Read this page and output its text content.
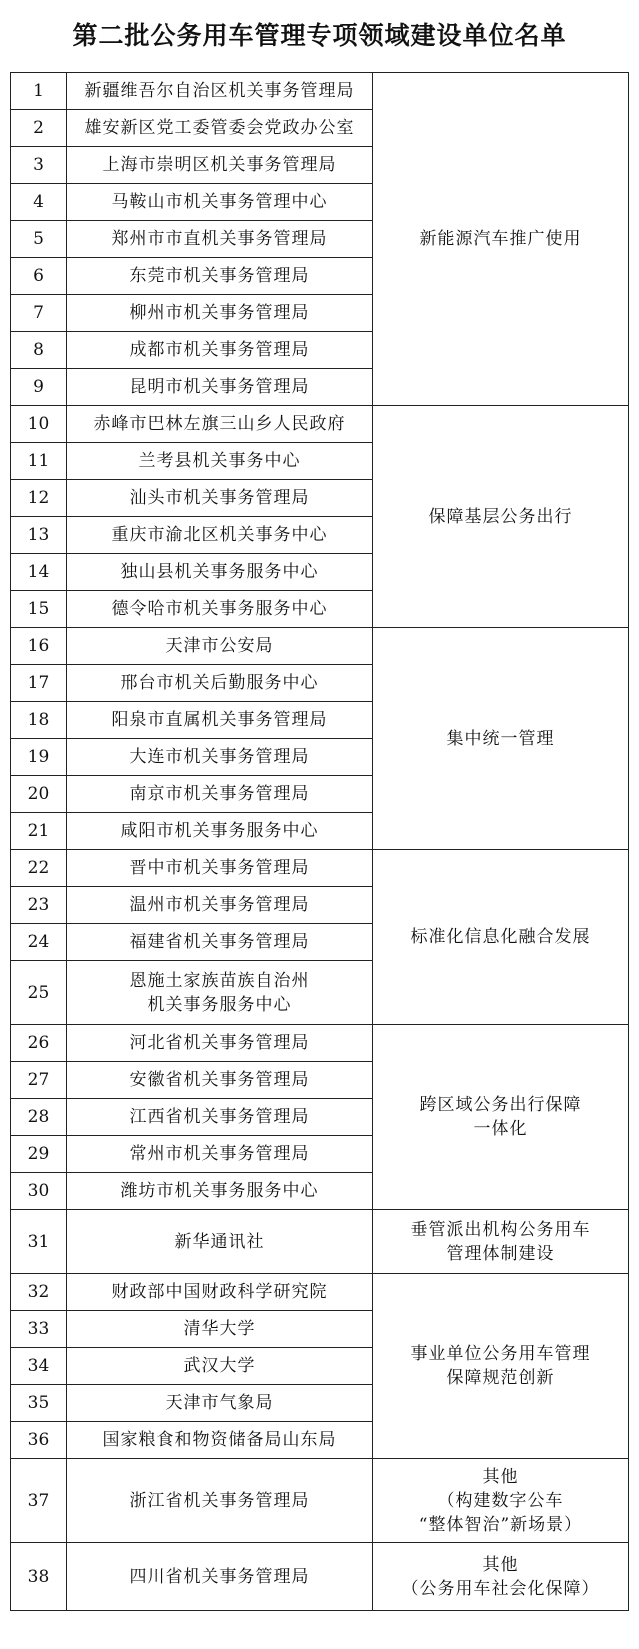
第二批公务用车管理专项领域建设单位名单
1	新疆维吾尔自治区机关事务管理局	新能源汽车推广使用

2	雄安新区党工委管委会党政办公室	

3	上海市崇明区机关事务管理局	

4	马鞍山市机关事务管理中心	

5	郑州市市直机关事务管理局	

6	东莞市机关事务管理局	

7	柳州市机关事务管理局	

8	成都市机关事务管理局	

9	昆明市机关事务管理局	

10	赤峰市巴林左旗三山乡人民政府	保障基层公务出行

11	兰考县机关事务中心	

12	汕头市机关事务管理局	

13	重庆市渝北区机关事务中心	

14	独山县机关事务服务中心	

15	德令哈市机关事务服务中心	

16	天津市公安局	集中统一管理

17	邢台市机关后勤服务中心	

18	阳泉市直属机关事务管理局	

19	大连市机关事务管理局	

20	南京市机关事务管理局	

21	咸阳市机关事务服务中心	

22	晋中市机关事务管理局	标准化信息化融合发展

23	温州市机关事务管理局	

24	福建省机关事务管理局	

25	恩施土家族苗族自治州
机关事务服务中心	

26	河北省机关事务管理局	跨区域公务出行保障
一体化

27	安徽省机关事务管理局	

28	江西省机关事务管理局	

29	常州市机关事务管理局	

30	潍坊市机关事务服务中心	

31	新华通讯社	垂管派出机构公务用车
管理体制建设

32	财政部中国财政科学研究院	事业单位公务用车管理
保障规范创新

33	清华大学	

34	武汉大学	

35	天津市气象局	

36	国家粮食和物资储备局山东局	

37	浙江省机关事务管理局	其他
（构建数字公车
“整体智治”新场景）

38	四川省机关事务管理局	其他
（公务用车社会化保障）
